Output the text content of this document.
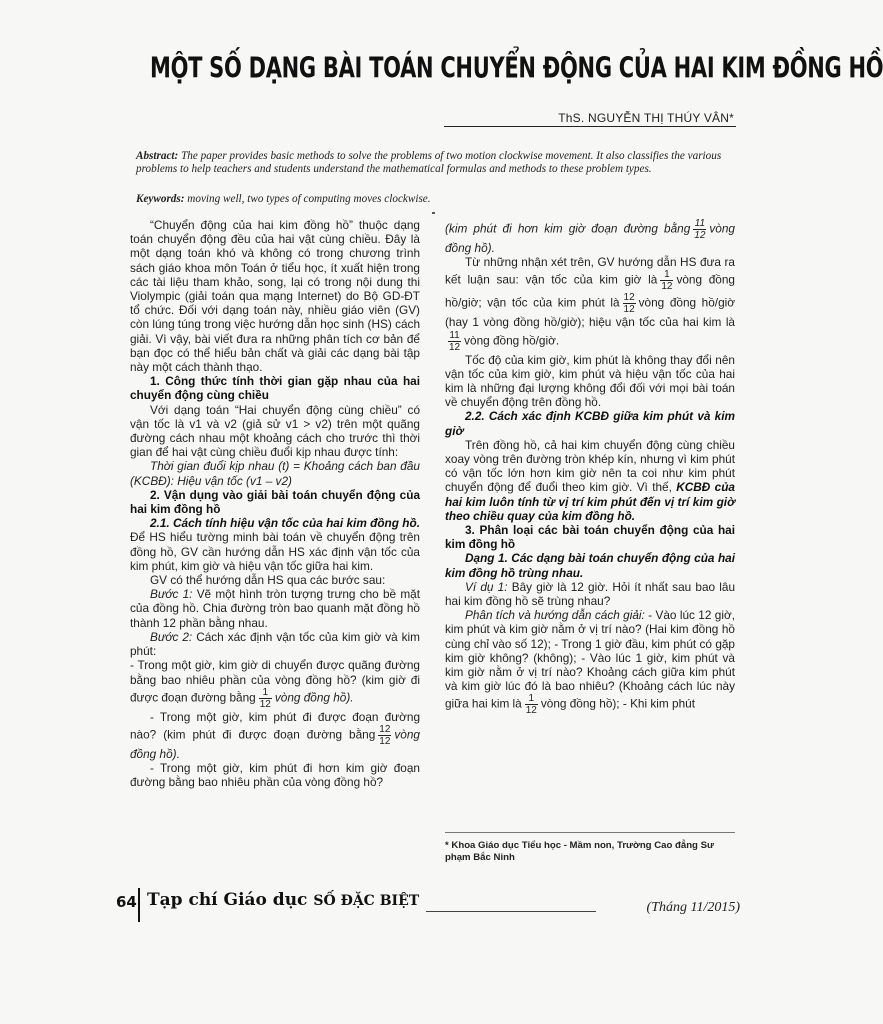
MỘT SỐ DẠNG BÀI TOÁN CHUYỂN ĐỘNG CỦA HAI KIM ĐỒNG HỒ
ThS. NGUYỄN THỊ THÚY VÂN*
Abstract: The paper provides basic methods to solve the problems of two motion clockwise movement. It also classifies the various problems to help teachers and students understand the mathematical formulas and methods to these problem types.
Keywords: moving well, two types of computing moves clockwise.

“Chuyển động của hai kim đồng hồ” thuộc dạng toán chuyển động đều của hai vật cùng chiều. Đây là một dạng toán khó và không có trong chương trình sách giáo khoa môn Toán ở tiểu học, ít xuất hiện trong các tài liệu tham khảo, song, lại có trong nội dung thi Violympic (giải toán qua mạng Internet) do Bộ GD-ĐT tổ chức. Đối với dạng toán này, nhiều giáo viên (GV) còn lúng túng trong việc hướng dẫn học sinh (HS) cách giải. Vì vậy, bài viết đưa ra những phân tích cơ bản để bạn đọc có thể hiểu bản chất và giải các dạng bài tập này một cách thành thạo.

1. Công thức tính thời gian gặp nhau của hai chuyển động cùng chiều

Với dạng toán “Hai chuyển động cùng chiều” có vận tốc là v1 và v2 (giả sử v1 > v2) trên một quãng đường cách nhau một khoảng cách cho trước thì thời gian để hai vật cùng chiều đuổi kịp nhau được tính:

Thời gian đuổi kịp nhau (t) = Khoảng cách ban đầu (KCBĐ): Hiệu vận tốc (v1 – v2)

2. Vận dụng vào giải bài toán chuyển động của hai kim đồng hồ

2.1. Cách tính hiệu vận tốc của hai kim đồng hồ. Để HS hiểu tường minh bài toán về chuyển động trên đồng hồ, GV cần hướng dẫn HS xác định vận tốc của kim phút, kim giờ và hiệu vận tốc giữa hai kim.

GV có thể hướng dẫn HS qua các bước sau:

Bước 1: Vẽ một hình tròn tượng trưng cho bề mặt của đồng hồ. Chia đường tròn bao quanh mặt đồng hồ thành 12 phần bằng nhau.

Bước 2: Cách xác định vận tốc của kim giờ và kim phút:

- Trong một giờ, kim giờ di chuyển được quãng đường bằng bao nhiêu phần của vòng đồng hồ? (kim giờ đi được đoạn đường bằng $\frac{1}{12}$ vòng đồng hồ).

- Trong một giờ, kim phút đi được đoạn đường nào? (kim phút đi được đoạn đường bằng $\frac{12}{12}$ vòng đồng hồ).

- Trong một giờ, kim phút đi hơn kim giờ đoạn đường bằng bao nhiêu phần của vòng đồng hồ?

(kim phút đi hơn kim giờ đoạn đường bằng $\frac{11}{12}$ vòng đồng hồ).

Từ những nhận xét trên, GV hướng dẫn HS đưa ra kết luận sau: vận tốc của kim giờ là $\frac{1}{12}$ vòng đồng hồ/giờ; vận tốc của kim phút là $\frac{12}{12}$ vòng đồng hồ/giờ (hay 1 vòng đồng hồ/giờ); hiệu vận tốc của hai kim là
$\frac{11}{12}$ vòng đồng hồ/giờ.

Tốc độ của kim giờ, kim phút là không thay đổi nên vận tốc của kim giờ, kim phút và hiệu vận tốc của hai kim là những đại lượng không đổi đối với mọi bài toán về chuyển động trên đồng hồ.

2.2. Cách xác định KCBĐ giữa kim phút và kim giờ

Trên đồng hồ, cả hai kim chuyển động cùng chiều xoay vòng trên đường tròn khép kín, nhưng vì kim phút có vận tốc lớn hơn kim giờ nên ta coi như kim phút chuyển động để đuổi theo kim giờ. Vì thế, KCBĐ của hai kim luôn tính từ vị trí kim phút đến vị trí kim giờ theo chiều quay của kim đồng hồ.

3. Phân loại các bài toán chuyển động của hai kim đồng hồ

Dạng 1. Các dạng bài toán chuyển động của hai kim đồng hồ trùng nhau.

Ví dụ 1: Bây giờ là 12 giờ. Hỏi ít nhất sau bao lâu hai kim đồng hồ sẽ trùng nhau?

Phân tích và hướng dẫn cách giải: - Vào lúc 12 giờ, kim phút và kim giờ nằm ở vị trí nào? (Hai kim đồng hồ cùng chỉ vào số 12); - Trong 1 giờ đầu, kim phút có gặp kim giờ không? (không); - Vào lúc 1 giờ, kim phút và kim giờ nằm ở vị trí nào? Khoảng cách giữa kim phút và kim giờ lúc đó là bao nhiêu? (Khoảng cách lúc này giữa hai kim là $\frac{1}{12}$ vòng đồng hồ); - Khi kim phút

* Khoa Giáo dục Tiểu học - Mầm non, Trường Cao đẳng Sư phạm Bắc Ninh
64 Tạp chí Giáo dục SỐ ĐẶC BIỆT	(Tháng 11/2015)
